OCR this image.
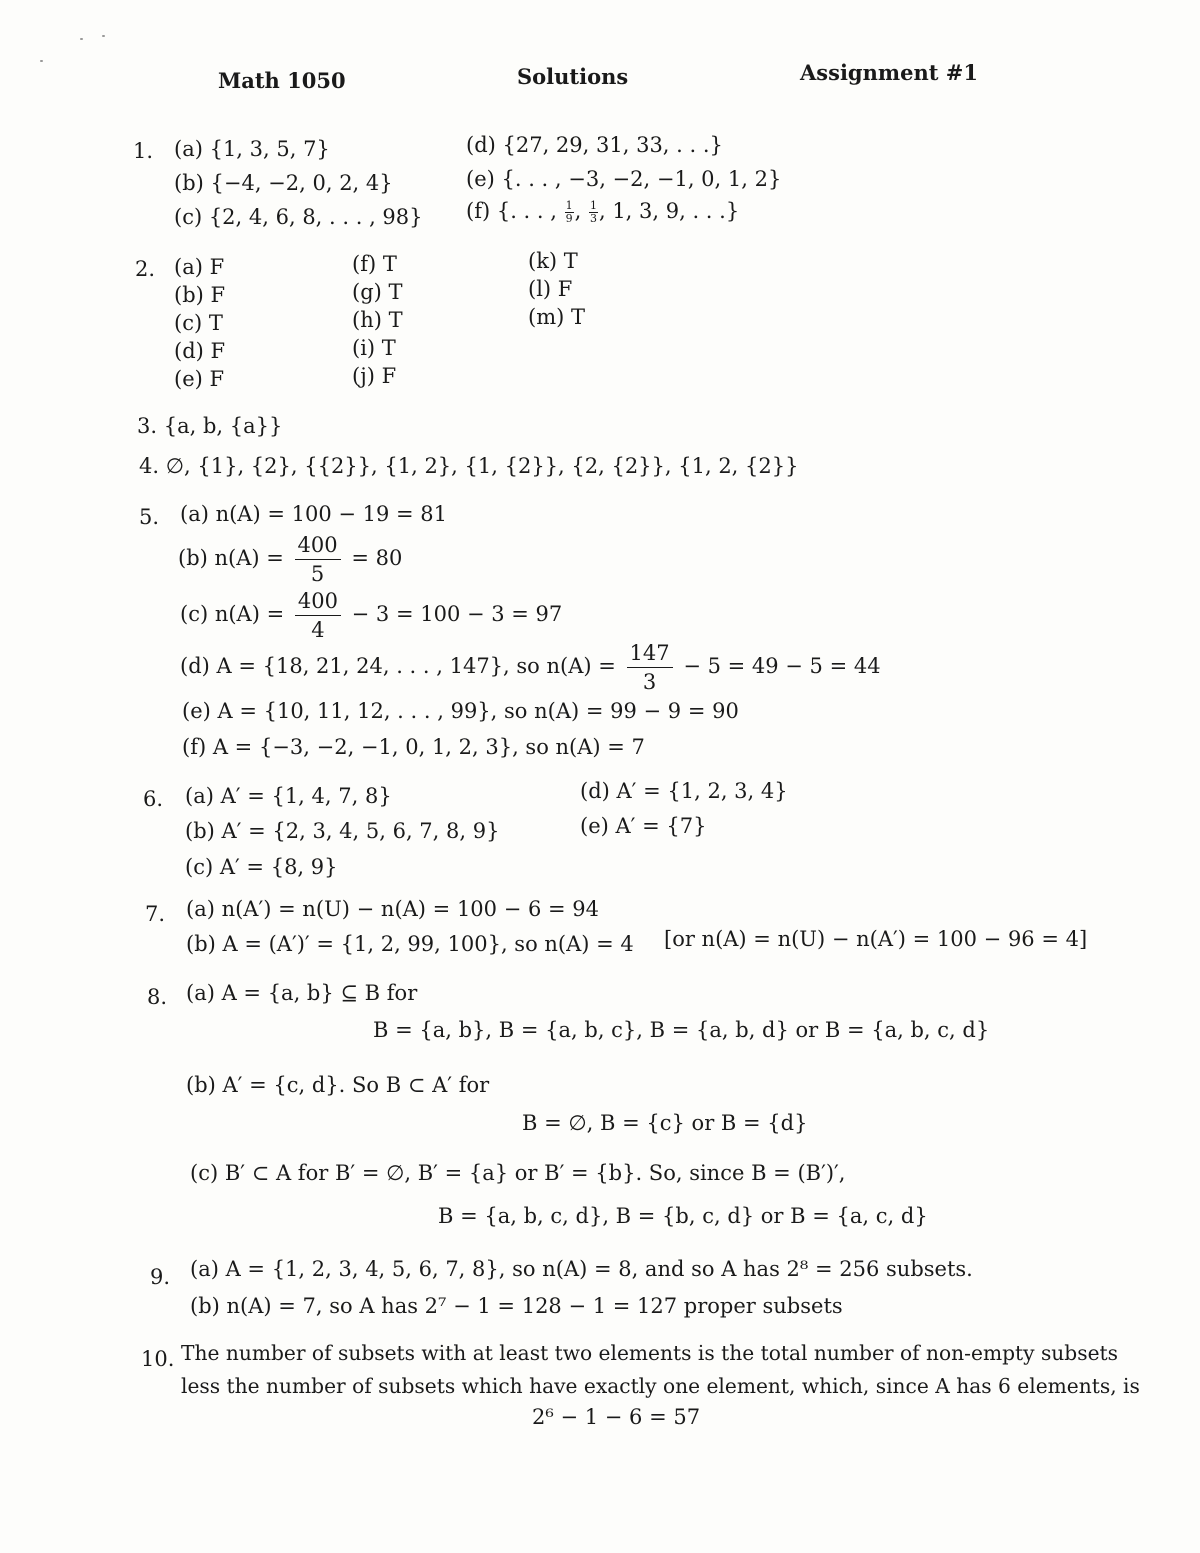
Math 1050	Solutions	Assignment #1
1. (a) {1, 3, 5, 7}
(b) {−4, −2, 0, 2, 4}
(c) {2, 4, 6, 8, . . . , 98}
(d) {27, 29, 31, 33, . . .}
(e) {. . . , −3, −2, −1, 0, 1, 2}
(f) {. . . , $\frac{1}{9}$ , $\frac{1}{3}$ , 1, 3, 9, . . .}
2. (a) F
(b) F
(c) T
(d) F
(e) F
(f) T
(g) T
(h) T
(i) T
(j) F
(k) T
(l) F
(m) T
3. {a, b, {a}}
4. ∅, {1}, {2}, {{2}}, {1, 2}, {1, {2}}, {2, {2}}, {1, 2, {2}}
5. (a) n(A) = 100 − 19 = 81
(b) $n(A) = \frac{400}{5} = 80$
(c) $n(A) = \frac{400}{4} - 3 = 100 - 3 = 97$
(d) A = {18, 21, 24, . . . , 147}, so $n(A) = \frac{147}{3} - 5 = 49 - 5 = 44$
(e) A = {10, 11, 12, . . . , 99}, so n(A) = 99 − 9 = 90
(f) A = {−3, −2, −1, 0, 1, 2, 3}, so n(A) = 7
6. (a) A′ = {1, 4, 7, 8}
(b) A′ = {2, 3, 4, 5, 6, 7, 8, 9}
(c) A′ = {8, 9}
(d) A′ = {1, 2, 3, 4}
(e) A′ = {7}
7. (a) n(A′) = n(U) − n(A) = 100 − 6 = 94
(b) A = (A′)′ = {1, 2, 99, 100}, so n(A) = 4 [or n(A) = n(U) − n(A′) = 100 − 96 = 4]
8. (a) A = {a, b} ⊆ B for
B = {a, b}, B = {a, b, c}, B = {a, b, d} or B = {a, b, c, d}
(b) A′ = {c, d}. So B ⊂ A′ for
B = ∅, B = {c} or B = {d}
(c) B′ ⊂ A for B′ = ∅, B′ = {a} or B′ = {b}. So, since B = (B′)′,
B = {a, b, c, d}, B = {b, c, d} or B = {a, c, d}
9. (a) A = {1, 2, 3, 4, 5, 6, 7, 8}, so n(A) = 8, and so A has 2⁸ = 256 subsets.
(b) n(A) = 7, so A has 2⁷ − 1 = 128 − 1 = 127 proper subsets
10. The number of subsets with at least two elements is the total number of non-empty subsets
less the number of subsets which have exactly one element, which, since A has 6 elements, is
2⁶ − 1 − 6 = 57
